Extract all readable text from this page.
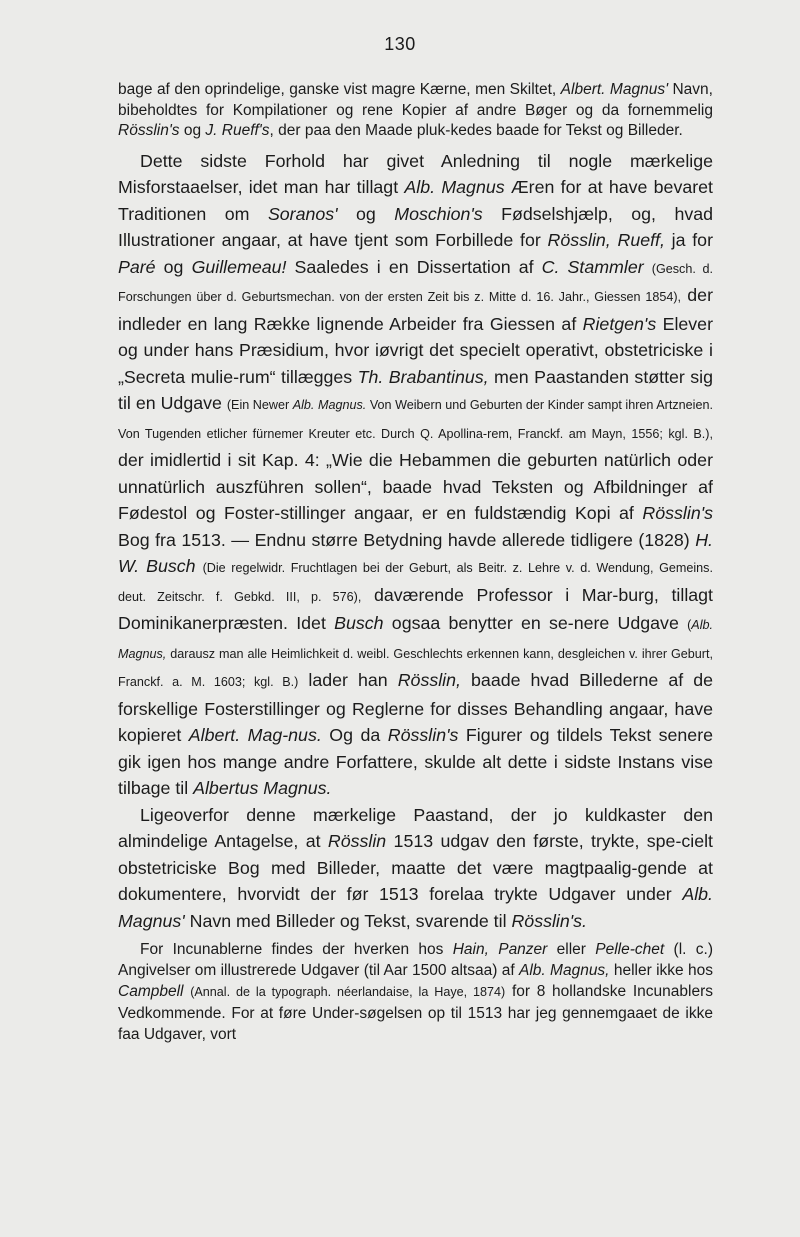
130

bage af den oprindelige, ganske vist magre Kærne, men Skiltet, Albert. Magnus' Navn, bibeholdtes for Kompilationer og rene Kopier af andre Bøger og da fornemmelig Rösslin's og J. Rueff's, der paa den Maade pluk-kedes baade for Tekst og Billeder.

Dette sidste Forhold har givet Anledning til nogle mærkelige Misforstaaelser, idet man har tillagt Alb. Magnus Æren for at have bevaret Traditionen om Soranos' og Moschion's Fødselshjælp, og, hvad Illustrationer angaar, at have tjent som Forbillede for Rösslin, Rueff, ja for Paré og Guillemeau! Saaledes i en Dissertation af C. Stammler (Gesch. d. Forschungen über d. Geburtsmechan. von der ersten Zeit bis z. Mitte d. 16. Jahr., Giessen 1854), der indleder en lang Række lignende Arbeider fra Giessen af Rietgen's Elever og under hans Præsidium, hvor iøvrigt det specielt operativt, obstetriciske i „Secreta mulie-rum“ tillægges Th. Brabantinus, men Paastanden støtter sig til en Udgave (Ein Newer Alb. Magnus. Von Weibern und Geburten der Kinder sampt ihren Artzneien. Von Tugenden etlicher fürnemer Kreuter etc. Durch Q. Apollina-rem, Franckf. am Mayn, 1556; kgl. B.), der imidlertid i sit Kap. 4: „Wie die Hebammen die geburten natürlich oder unnatürlich auszführen sollen“, baade hvad Teksten og Afbildninger af Fødestol og Foster-stillinger angaar, er en fuldstændig Kopi af Rösslin's Bog fra 1513. — Endnu større Betydning havde allerede tidligere (1828) H. W. Busch (Die regelwidr. Fruchtlagen bei der Geburt, als Beitr. z. Lehre v. d. Wendung, Gemeins. deut. Zeitschr. f. Gebkd. III, p. 576), daværende Professor i Mar-burg, tillagt Dominikanerpræsten. Idet Busch ogsaa benytter en se-nere Udgave (Alb. Magnus, darausz man alle Heimlichkeit d. weibl. Geschlechts erkennen kann, desgleichen v. ihrer Geburt, Franckf. a. M. 1603; kgl. B.) lader han Rösslin, baade hvad Billederne af de forskellige Fosterstillinger og Reglerne for disses Behandling angaar, have kopieret Albert. Mag-nus. Og da Rösslin's Figurer og tildels Tekst senere gik igen hos mange andre Forfattere, skulde alt dette i sidste Instans vise tilbage til Albertus Magnus.

Ligeoverfor denne mærkelige Paastand, der jo kuldkaster den almindelige Antagelse, at Rösslin 1513 udgav den første, trykte, spe-cielt obstetriciske Bog med Billeder, maatte det være magtpaalig-gende at dokumentere, hvorvidt der før 1513 forelaa trykte Udgaver under Alb. Magnus' Navn med Billeder og Tekst, svarende til Rösslin's.

For Incunablerne findes der hverken hos Hain, Panzer eller Pelle-chet (l. c.) Angivelser om illustrerede Udgaver (til Aar 1500 altsaa) af Alb. Magnus, heller ikke hos Campbell (Annal. de la typograph. néerlandaise, la Haye, 1874) for 8 hollandske Incunablers Vedkommende. For at føre Under-søgelsen op til 1513 har jeg gennemgaaet de ikke faa Udgaver, vort
